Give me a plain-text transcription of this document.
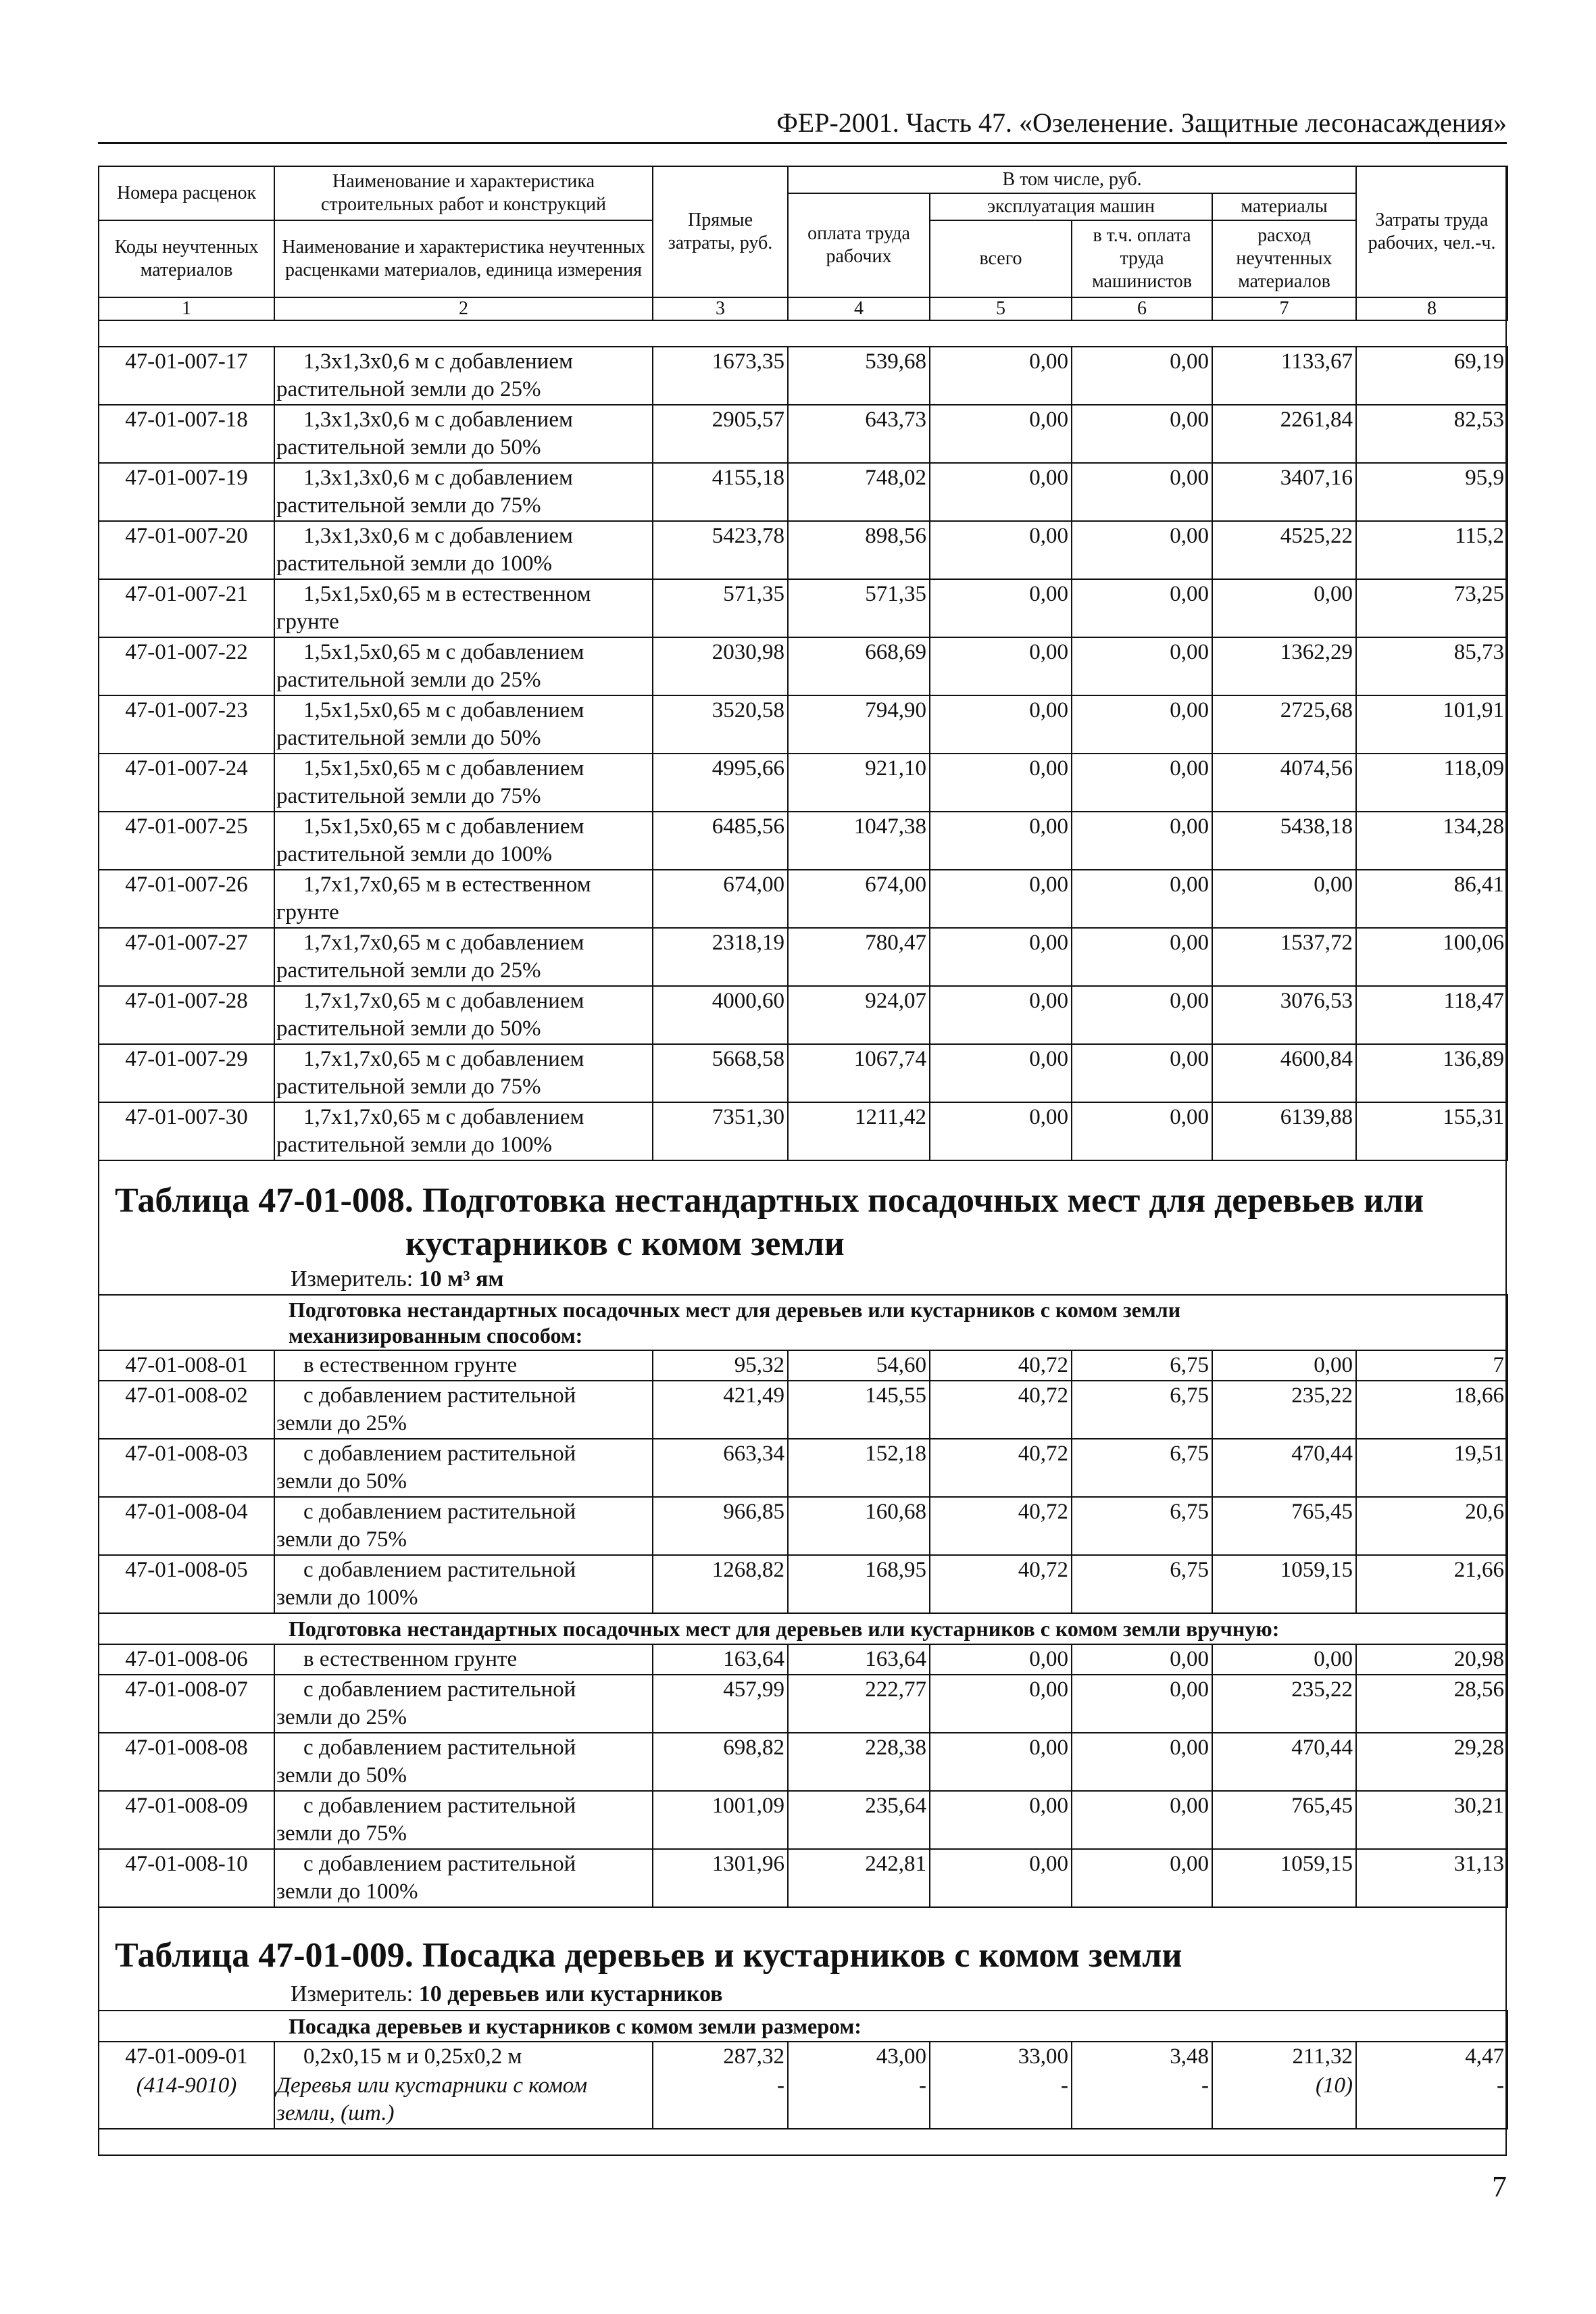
ФЕР-2001. Часть 47. «Озеленение. Защитные лесонасаждения»
Номера расценок	Наименование и характеристика строительных работ и конструкций	Прямые затраты, руб.	В том числе, руб.				Затраты труда рабочих, чел.-ч.
			оплата труда рабочих	эксплуатация машин		материалы	
Коды неучтенных материалов	Наименование и характеристика неучтенных расценками материалов, единица измерения			всего	в т.ч. оплата труда машинистов	расход неучтенных материалов	

1	2	3	4	5	6	7	8
47-01-007-17	1,3х1,3х0,6 м с добавлением
растительной земли до 25%	1673,35	539,68	0,00	0,00	1133,67	69,19
47-01-007-18	1,3х1,3х0,6 м с добавлением
растительной земли до 50%	2905,57	643,73	0,00	0,00	2261,84	82,53
47-01-007-19	1,3х1,3х0,6 м с добавлением
растительной земли до 75%	4155,18	748,02	0,00	0,00	3407,16	95,9
47-01-007-20	1,3х1,3х0,6 м с добавлением
растительной земли до 100%	5423,78	898,56	0,00	0,00	4525,22	115,2
47-01-007-21	1,5х1,5х0,65 м в естественном
грунте	571,35	571,35	0,00	0,00	0,00	73,25
47-01-007-22	1,5х1,5х0,65 м с добавлением
растительной земли до 25%	2030,98	668,69	0,00	0,00	1362,29	85,73
47-01-007-23	1,5х1,5х0,65 м с добавлением
растительной земли до 50%	3520,58	794,90	0,00	0,00	2725,68	101,91
47-01-007-24	1,5х1,5х0,65 м с добавлением
растительной земли до 75%	4995,66	921,10	0,00	0,00	4074,56	118,09
47-01-007-25	1,5х1,5х0,65 м с добавлением
растительной земли до 100%	6485,56	1047,38	0,00	0,00	5438,18	134,28
47-01-007-26	1,7х1,7х0,65 м в естественном
грунте	674,00	674,00	0,00	0,00	0,00	86,41
47-01-007-27	1,7х1,7х0,65 м с добавлением
растительной земли до 25%	2318,19	780,47	0,00	0,00	1537,72	100,06
47-01-007-28	1,7х1,7х0,65 м с добавлением
растительной земли до 50%	4000,60	924,07	0,00	0,00	3076,53	118,47
47-01-007-29	1,7х1,7х0,65 м с добавлением
растительной земли до 75%	5668,58	1067,74	0,00	0,00	4600,84	136,89
47-01-007-30	1,7х1,7х0,65 м с добавлением
растительной земли до 100%	7351,30	1211,42	0,00	0,00	6139,88	155,31
Таблица 47-01-008. Подготовка нестандартных посадочных мест для деревьев или
кустарников с комом земли
Измеритель: 10 м³ ям
Подготовка нестандартных посадочных мест для деревьев или кустарников с комом земли
механизированным способом:							

47-01-008-01	в естественном грунте	95,32	54,60	40,72	6,75	0,00	7
47-01-008-02	с добавлением растительной
земли до 25%	421,49	145,55	40,72	6,75	235,22	18,66
47-01-008-03	с добавлением растительной
земли до 50%	663,34	152,18	40,72	6,75	470,44	19,51
47-01-008-04	с добавлением растительной
земли до 75%	966,85	160,68	40,72	6,75	765,45	20,6
47-01-008-05	с добавлением растительной
земли до 100%	1268,82	168,95	40,72	6,75	1059,15	21,66
Подготовка нестандартных посадочных мест для деревьев или кустарников с комом земли вручную:							
47-01-008-06	в естественном грунте	163,64	163,64	0,00	0,00	0,00	20,98
47-01-008-07	с добавлением растительной
земли до 25%	457,99	222,77	0,00	0,00	235,22	28,56
47-01-008-08	с добавлением растительной
земли до 50%	698,82	228,38	0,00	0,00	470,44	29,28
47-01-008-09	с добавлением растительной
земли до 75%	1001,09	235,64	0,00	0,00	765,45	30,21
47-01-008-10	с добавлением растительной
земли до 100%	1301,96	242,81	0,00	0,00	1059,15	31,13
Таблица 47-01-009. Посадка деревьев и кустарников с комом земли
Измеритель: 10 деревьев или кустарников
Посадка деревьев и кустарников с комом земли размером:							
47-01-009-01	0,2х0,15 м и 0,25х0,2 м	287,32	43,00	33,00	3,48	211,32	4,47
(414-9010)	Деревья или кустарники с комом
земли, (шт.)	-	-	-	-	(10)	-
7
